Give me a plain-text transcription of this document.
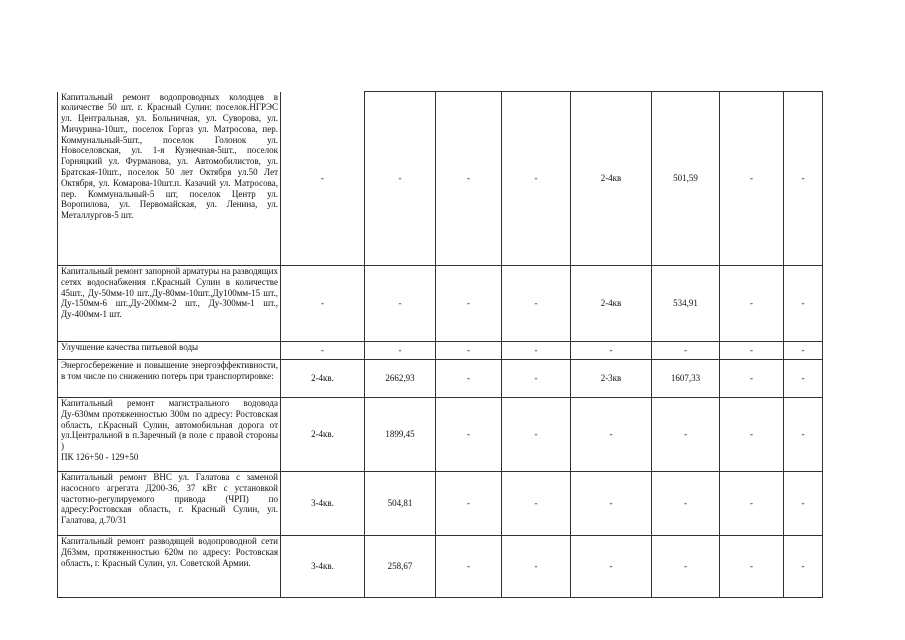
Капитальный ремонт водопроводных колодцев в количестве 50 шт. г. Красный Сулин: поселок.НГРЭС ул. Центральная, ул. Больничная, ул. Суворова, ул. Мичурина-10шт., поселок Горгаз ул. Матросова, пер. Коммунальный-5шт., поселок Голонок ул. Новоселовская, ул. 1-я Кузнечная-5шт., поселок Горняцкий ул. Фурманова, ул. Автомобилистов, ул. Братская-10шт., поселок 50 лет Октября ул.50 Лет Октября, ул. Комарова-10шт.п. Казачий ул. Матросова, пер. Коммунальный-5 шт, поселок Центр ул. Воропилова, ул. Первомайская, ул. Ленина, ул. Металлургов-5 шт.	-	-	-	-	2-4кв	501,59	-	-
Капитальный ремонт запорной арматуры на разводящих сетях водоснабжения г.Красный Сулин в количестве 45шт., Ду-50мм-10 шт.,Ду-80мм-10шт.,Ду100мм-15 шт., Ду-150мм-6 шт.,Ду-200мм-2 шт., Ду-300мм-1 шт., Ду-400мм-1 шт.	-	-	-	-	2-4кв	534,91	-	-
Улучшение качества питьевой воды	-	-	-	-	-	-	-	-
Энергосбережение и повышение энергоэффективности, в том числе по снижению потерь при транспортировке:	2-4кв.	2662,93	-	-	2-3кв	1607,33	-	-
Капитальный ремонт магистрального водовода Ду-630мм протяженностью 300м по адресу: Ростовская область, г.Красный Сулин, автомобильная дорога от ул.Центральной в п.Заречный (в поле с правой стороны )
ПК 126+50 - 129+50	2-4кв.	1899,45	-	-	-	-	-	-
Капитальный ремонт ВНС ул. Галатова с заменой насосного агрегата Д200-36, 37 кВт с установкой частотно-регулируемого привода (ЧРП) по адресу:Ростовская область, г. Красный Сулин, ул. Галатова, д.70/31	3-4кв.	504,81	-	-	-	-	-	-
Капитальный ремонт разводящей водопроводной сети Д63мм, протяженностью 620м по адресу: Ростовская область, г. Красный Сулин, ул. Советской Армии.	3-4кв.	258,67	-	-	-	-	-	-
